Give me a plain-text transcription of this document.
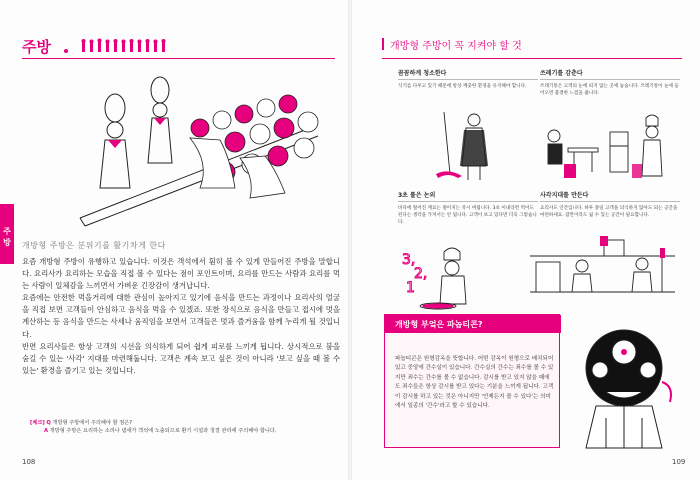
주방
주방 개방형 주방은 분위기를 활기차게 한다

요즘 개방형 주방이 유행하고 있습니다. 이것은 객석에서 훤히 볼 수 있게 만들어진 주방을 말합니다. 요리사가 요리하는 모습을 직접 볼 수 있다는 점이 포인트이며, 요리를 만드는 사람과 요리를 먹는 사람이 일체감을 느끼면서 가벼운 긴장감이 생겨납니다.

요즘에는 안전한 먹을거리에 대한 관심이 높아지고 있기에 음식을 만드는 과정이나 요리사의 얼굴을 직접 보면 고객들이 안심하고 음식을 먹을 수 있겠죠. 또한 장식으로 음식을 만들고 접시에 멋을 계산하는 등 음식을 만드는 사세나 움직임을 보면서 고객들은 멋과 즐거움을 함께 누리게 될 것입니다.

반면 요리사들은 항상 고객의 시선을 의식하게 되어 쉽게 피로를 느끼게 됩니다. 상시적으로 붐을 숨길 수 있는 '사각' 지대를 마련해둡니다. 고객은 계속 보고 싶은 것이 아니라 '보고 싶을 때 볼 수 있는' 환경을 즐기고 있는 것입니다.

[체크] Q 개방형 주방에서 주의해야 할 점은?
A 개방형 주방은 요리하는 소리나 냄새가 객석에 노출되므로 환기 시설과 청결 관리에 주의해야 합니다.
108
개방형 주방이 꼭 지켜야 할 것
꼼꼼하게 청소한다
식기를 다루고 있기 때문에 항상 깨끗한 환경을 유지해야 합니다.
쓰레기를 감춘다
쓰레기통은 고객의 눈에 띄지 않는 곳에 놓습니다. 쓰레기통이 눈에 들어오면 불결한 느낌을 줍니다.
3초 룰은 논외
바닥에 떨어진 재료는 떨어지는 즉시 버립니다. 3초 이내라면 먹어도 된다는 생각을 가져서는 안 됩니다. 고객이 보고 있다면 더욱 그렇습니다.
3,
2,
1
사각지대를 만든다
요리사도 인간입니다. 하루 종일 고객을 의식하지 않아도 되는 공간을 마련하세요. 잠깐이라도 쉴 수 있는 공간이 필요합니다.
개방형 부엌은 파놉티콘?
파놉티콘은 원형감옥을 뜻합니다. 어떤 감옥이 원형으로 배치되어 있고 중앙에 간수실이 있습니다. 간수실의 간수는 죄수를 볼 수 있지만 죄수는 간수를 볼 수 없습니다. 감시를 받고 있지 않을 때에도 죄수들은 항상 감시를 받고 있다는 기분을 느끼게 됩니다. 고객이 감시를 하고 있는 것은 아니지만 '언제든지 볼 수 있다'는 의미에서 일종의 '간수'라고 할 수 있습니다.
109
